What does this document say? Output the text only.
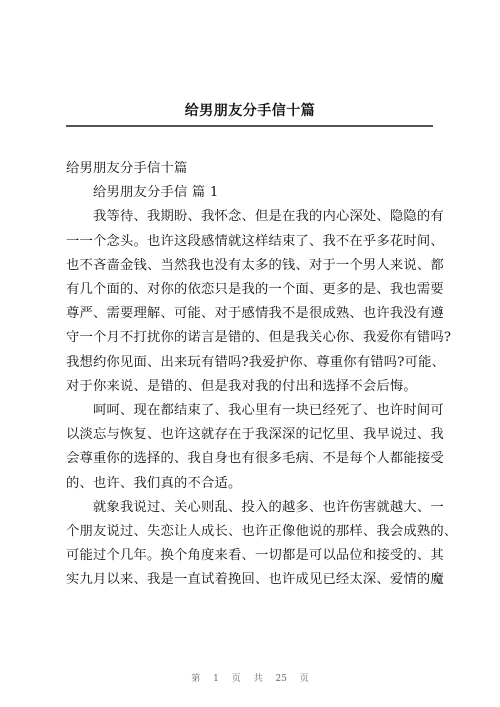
给男朋友分手信十篇

给男朋友分手信十篇

给男朋友分手信 篇 1

我等待、我期盼、我怀念、但是在我的内心深处、隐隐的有

一一个念头。也许这段感情就这样结束了、我不在乎多花时间、

也不吝啬金钱、当然我也没有太多的钱、对于一个男人来说、都

有几个面的、对你的依恋只是我的一个面、更多的是、我也需要

尊严、需要理解、可能、对于感情我不是很成熟、也许我没有遵

守一个月不打扰你的诺言是错的、但是我关心你、我爱你有错吗?

我想约你见面、出来玩有错吗?我爱护你、尊重你有错吗?可能、

对于你来说、是错的、但是我对我的付出和选择不会后悔。

呵呵、现在都结束了、我心里有一块已经死了、也许时间可

以淡忘与恢复、也许这就存在于我深深的记忆里、我早说过、我

会尊重你的选择的、我自身也有很多毛病、不是每个人都能接受

的、也许、我们真的不合适。

就象我说过、关心则乱、投入的越多、也许伤害就越大、一

个朋友说过、失恋让人成长、也许正像他说的那样、我会成熟的、

可能过个几年。换个角度来看、一切都是可以品位和接受的、其

实九月以来、我是一直试着挽回、也许成见已经太深、爱情的魔

第 1 页 共 25 页
